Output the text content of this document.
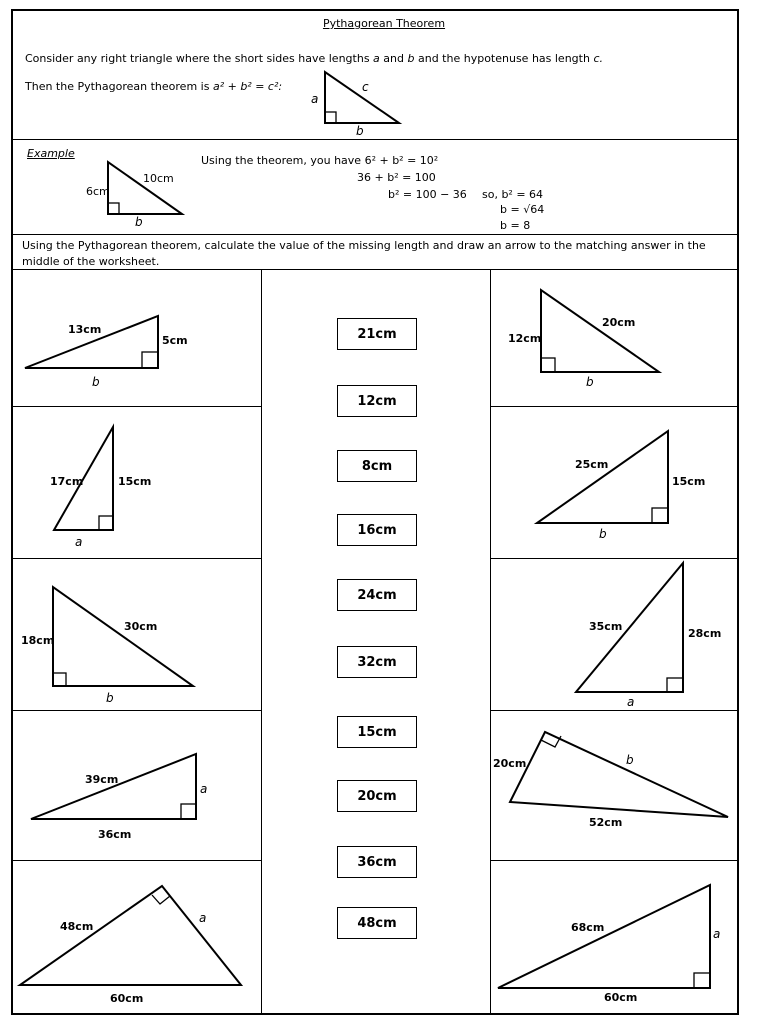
Pythagorean Theorem
Consider any right triangle where the short sides have lengths a and b and the hypotenuse has length c.
Then the Pythagorean theorem is a² + b² = c²:
a
c
b
Example
6cm
10cm
b
Using the theorem, you have 6² + b² = 10²
36 + b² = 100
b² = 100 − 36 so, b² = 64
b = √64
b = 8
Using the Pythagorean theorem, calculate the value of the missing length and draw an arrow to the matching answer in the middle of the worksheet.
13cm
5cm
b
17cm	15cm
a
30cm
18cm
b
39cm
36cm
a
48cm
60cm
a
20cm
12cm
b
25cm
15cm
b
35cm
28cm
a
20cm
52cm
b
68cm
60cm
a
21cm
12cm
8cm
16cm
24cm
32cm
15cm
20cm
36cm
48cm
